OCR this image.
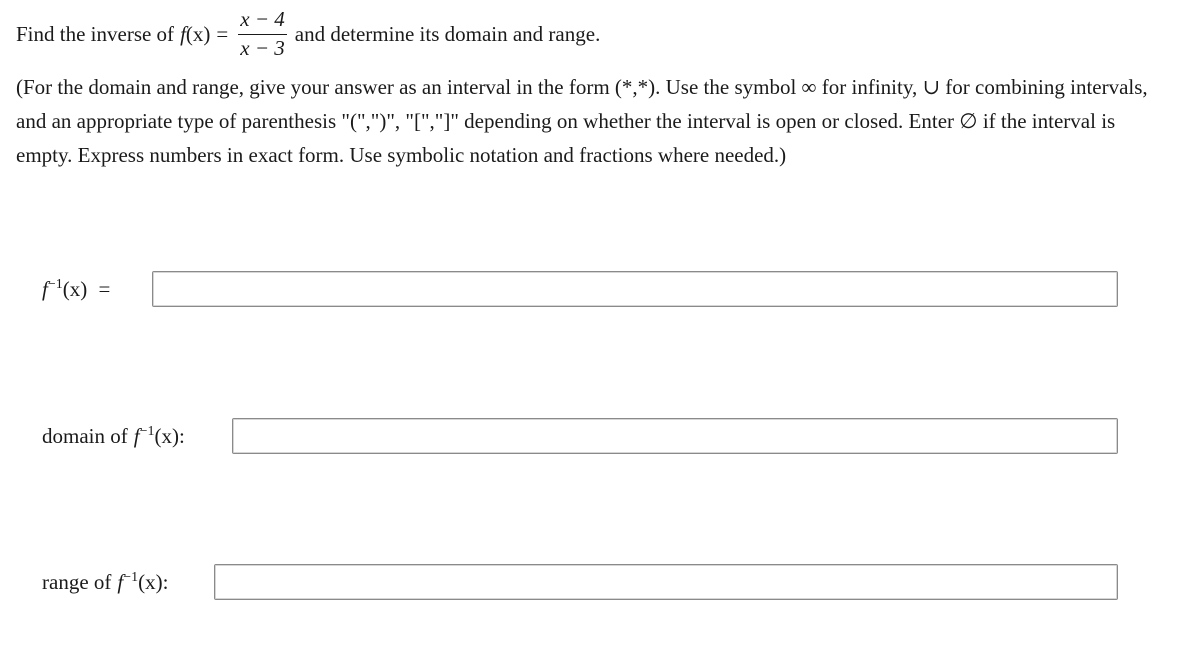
Find the inverse of f $(x) = \frac{x - 4}{x - 3}$ and determine its domain and range.
(For the domain and range, give your answer as an interval in the form (*,*). Use the symbol ∞ for infinity, ∪ for combining intervals, and an appropriate type of parenthesis "(",")", "[","]" depending on whether the interval is open or closed. Enter ∅ if the interval is empty. Express numbers in exact form. Use symbolic notation and fractions where needed.)
$f^{-1}(x)$ =
domain of $f^{-1}(x)$:
range of $f^{-1}(x)$:
